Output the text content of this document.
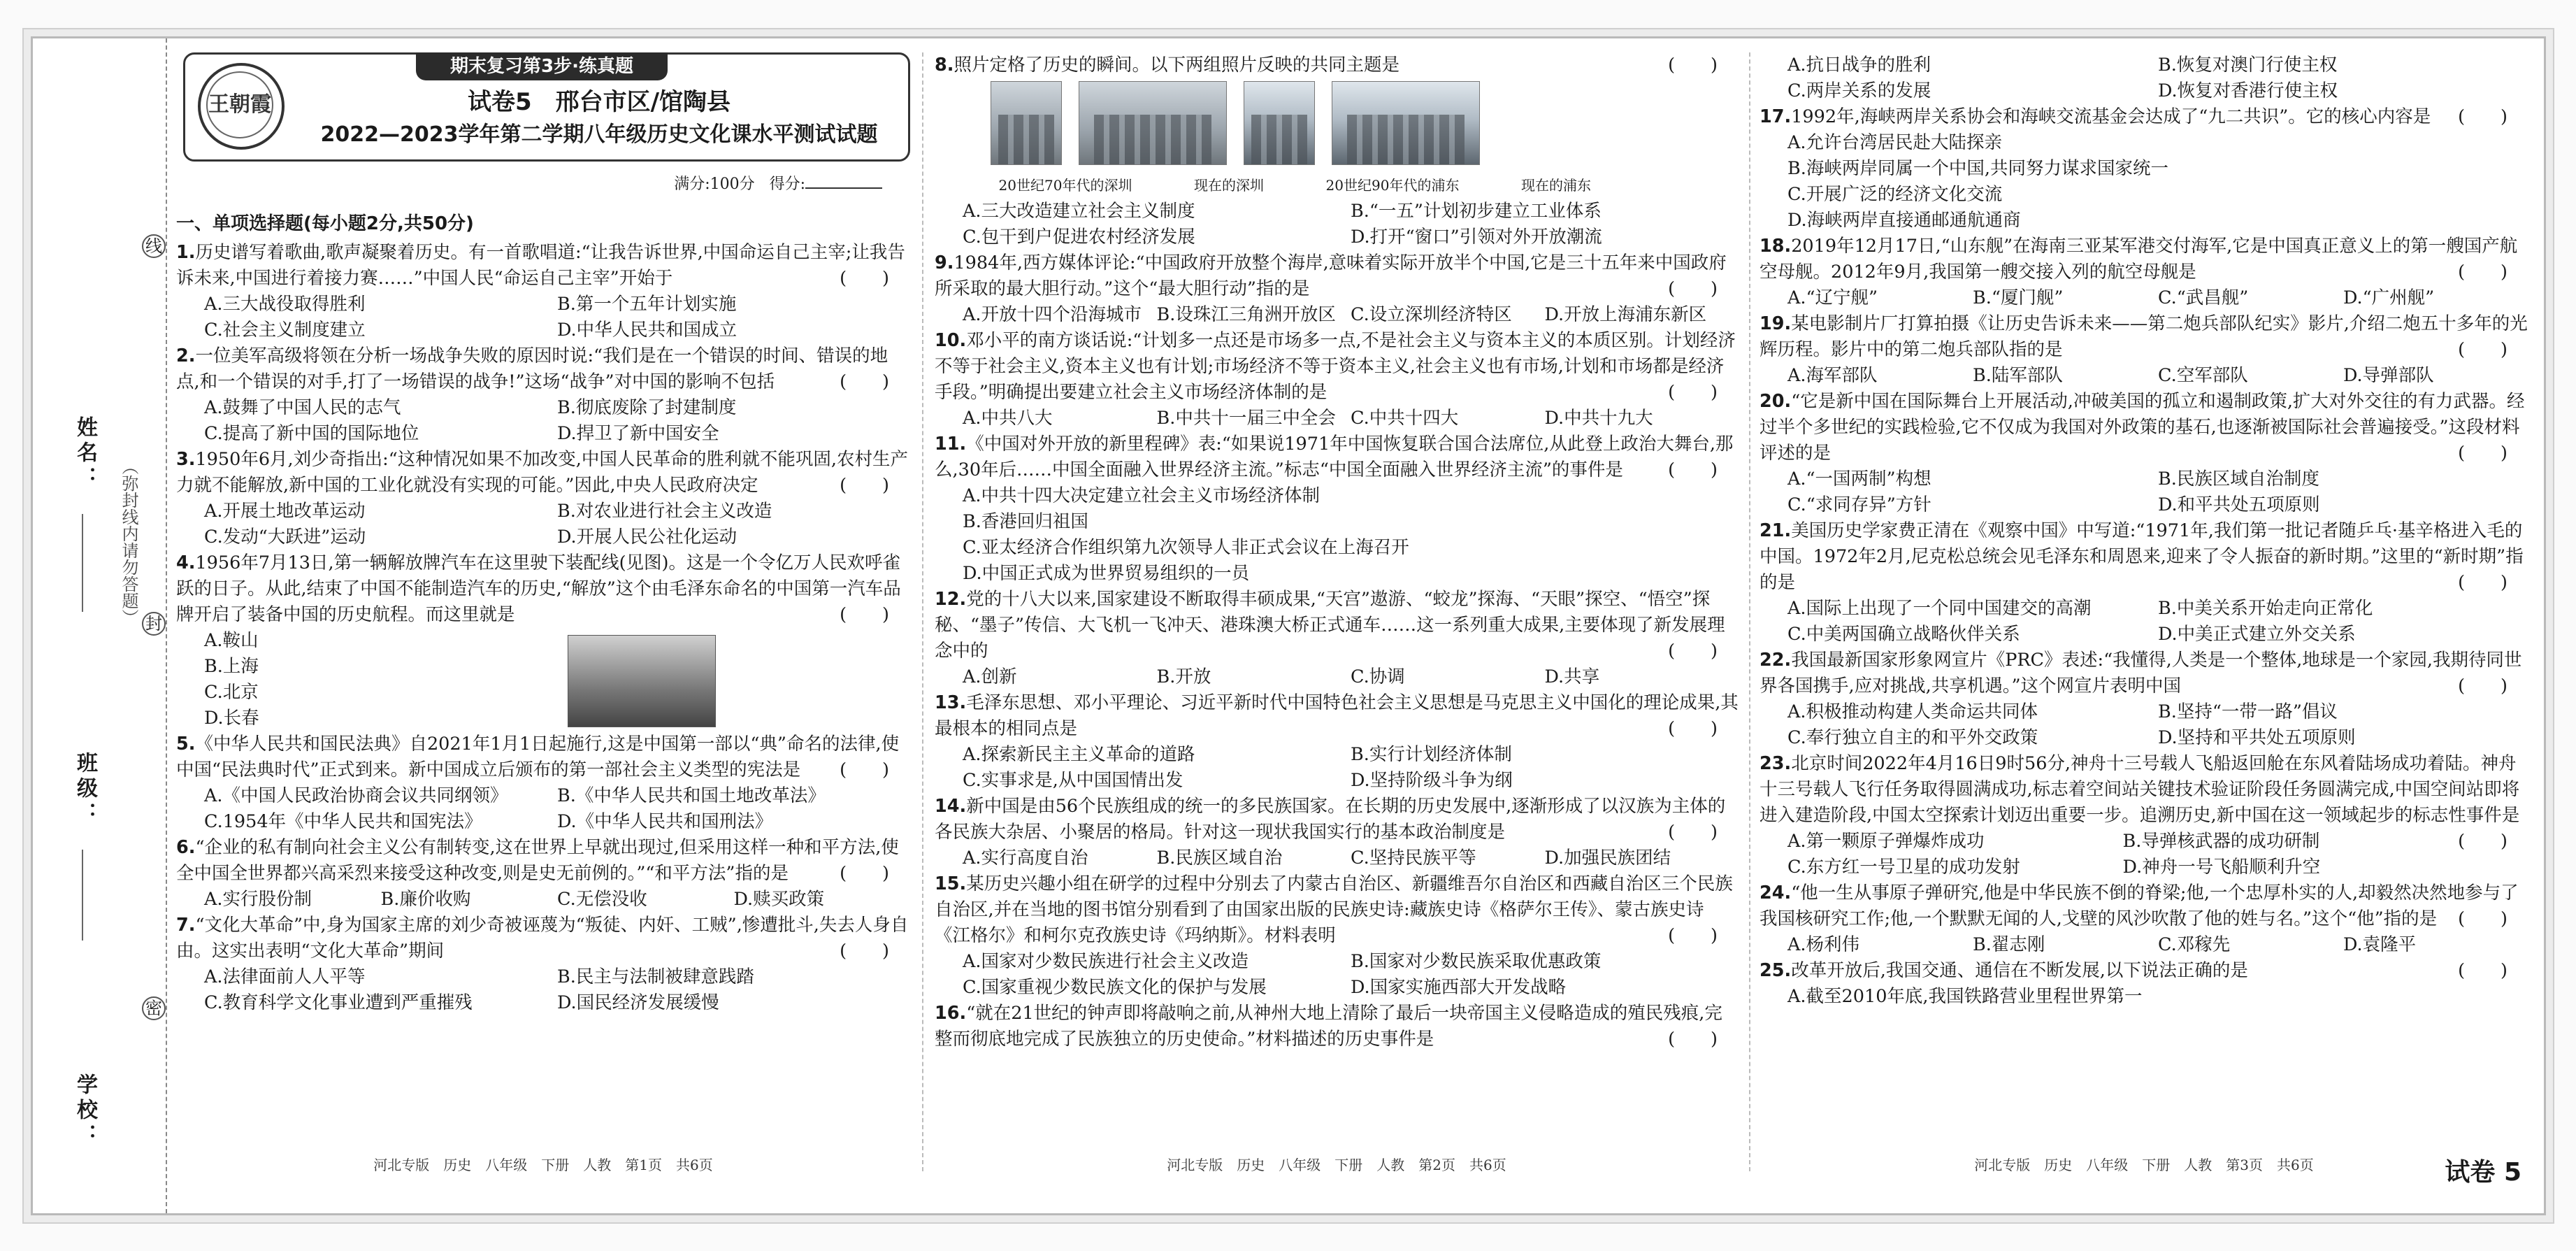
姓名：
班级：
学校：
（弥封线内请勿答题）
线
封
密
期末复习第3步·练真题
王朝霞	试卷5　邢台市区/馆陶县
2022—2023学年第二学期八年级历史文化课水平测试试题
满分:100分 得分:
一、单项选择题(每小题2分,共50分)
1.历史谱写着歌曲,歌声凝聚着历史。有一首歌唱道:“让我告诉世界,中国命运自己主宰;让我告诉未来,中国进行着接力赛……”中国人民“命运自己主宰”开始于	(　　)
A.三大战役取得胜利	B.第一个五年计划实施
C.社会主义制度建立	D.中华人民共和国成立
2.一位美军高级将领在分析一场战争失败的原因时说:“我们是在一个错误的时间、错误的地点,和一个错误的对手,打了一场错误的战争!”这场“战争”对中国的影响不包括	(　　)
A.鼓舞了中国人民的志气	B.彻底废除了封建制度
C.提高了新中国的国际地位	D.捍卫了新中国安全
3.1950年6月,刘少奇指出:“这种情况如果不加改变,中国人民革命的胜利就不能巩固,农村生产力就不能解放,新中国的工业化就没有实现的可能。”因此,中央人民政府决定	(　　)
A.开展土地改革运动	B.对农业进行社会主义改造
C.发动“大跃进”运动	D.开展人民公社化运动
4.1956年7月13日,第一辆解放牌汽车在这里驶下装配线(见图)。这是一个令亿万人民欢呼雀跃的日子。从此,结束了中国不能制造汽车的历史,“解放”这个由毛泽东命名的中国第一汽车品牌开启了装备中国的历史航程。而这里就是	(　　)
A.鞍山
B.上海
C.北京
D.长春
5.《中华人民共和国民法典》自2021年1月1日起施行,这是中国第一部以“典”命名的法律,使中国“民法典时代”正式到来。新中国成立后颁布的第一部社会主义类型的宪法是 (　　)
A.《中国人民政治协商会议共同纲领》	B.《中华人民共和国土地改革法》
C.1954年《中华人民共和国宪法》	D.《中华人民共和国刑法》
6.“企业的私有制向社会主义公有制转变,这在世界上早就出现过,但采用这样一种和平方法,使全中国全世界都兴高采烈来接受这种改变,则是史无前例的。”“和平方法”指的是	(　　)
A.实行股份制	B.廉价收购	C.无偿没收	D.赎买政策
7.“文化大革命”中,身为国家主席的刘少奇被诬蔑为“叛徒、内奸、工贼”,惨遭批斗,失去人身自由。这实出表明“文化大革命”期间	(　　)
A.法律面前人人平等	B.民主与法制被肆意践踏
C.教育科学文化事业遭到严重摧残	D.国民经济发展缓慢
河北专版　历史　八年级　下册　人教　第1页　共6页
8.照片定格了历史的瞬间。以下两组照片反映的共同主题是	(　　)
20世纪70年代的深圳	现在的深圳	20世纪90年代的浦东	现在的浦东
A.三大改造建立社会主义制度	B.“一五”计划初步建立工业体系
C.包干到户促进农村经济发展	D.打开“窗口”引领对外开放潮流
9.1984年,西方媒体评论:“中国政府开放整个海岸,意味着实际开放半个中国,它是三十五年来中国政府所采取的最大胆行动。”这个“最大胆行动”指的是	(　　)
A.开放十四个沿海城市 B.设珠江三角洲开放区 C.设立深圳经济特区	D.开放上海浦东新区
10.邓小平的南方谈话说:“计划多一点还是市场多一点,不是社会主义与资本主义的本质区别。计划经济不等于社会主义,资本主义也有计划;市场经济不等于资本主义,社会主义也有市场,计划和市场都是经济手段。”明确提出要建立社会主义市场经济体制的是	(　　)
A.中共八大	B.中共十一届三中全会 C.中共十四大	D.中共十九大
11.《中国对外开放的新里程碑》表:“如果说1971年中国恢复联合国合法席位,从此登上政治大舞台,那么,30年后……中国全面融入世界经济主流。”标志“中国全面融入世界经济主流”的事件是	(　　)
A.中共十四大决定建立社会主义市场经济体制
B.香港回归祖国
C.亚太经济合作组织第九次领导人非正式会议在上海召开
D.中国正式成为世界贸易组织的一员
12.党的十八大以来,国家建设不断取得丰硕成果,“天宫”遨游、“蛟龙”探海、“天眼”探空、“悟空”探秘、“墨子”传信、大飞机一飞冲天、港珠澳大桥正式通车……这一系列重大成果,主要体现了新发展理念中的	(　　)
A.创新	B.开放	C.协调	D.共享
13.毛泽东思想、邓小平理论、习近平新时代中国特色社会主义思想是马克思主义中国化的理论成果,其最根本的相同点是	(　　)
A.探索新民主主义革命的道路	B.实行计划经济体制
C.实事求是,从中国国情出发	D.坚持阶级斗争为纲
14.新中国是由56个民族组成的统一的多民族国家。在长期的历史发展中,逐渐形成了以汉族为主体的各民族大杂居、小聚居的格局。针对这一现状我国实行的基本政治制度是	(　　)
A.实行高度自治	B.民族区域自治	C.坚持民族平等	D.加强民族团结
15.某历史兴趣小组在研学的过程中分别去了内蒙古自治区、新疆维吾尔自治区和西藏自治区三个民族自治区,并在当地的图书馆分别看到了由国家出版的民族史诗:藏族史诗《格萨尔王传》、蒙古族史诗《江格尔》和柯尔克孜族史诗《玛纳斯》。材料表明	(　　)
A.国家对少数民族进行社会主义改造	B.国家对少数民族采取优惠政策
C.国家重视少数民族文化的保护与发展	D.国家实施西部大开发战略
16.“就在21世纪的钟声即将敲响之前,从神州大地上清除了最后一块帝国主义侵略造成的殖民残痕,完整而彻底地完成了民族独立的历史使命。”材料描述的历史事件是	(　　)
河北专版　历史　八年级　下册　人教　第2页　共6页
A.抗日战争的胜利	B.恢复对澳门行使主权
C.两岸关系的发展	D.恢复对香港行使主权
17.1992年,海峡两岸关系协会和海峡交流基金会达成了“九二共识”。它的核心内容是 (　　)
A.允许台湾居民赴大陆探亲
B.海峡两岸同属一个中国,共同努力谋求国家统一
C.开展广泛的经济文化交流
D.海峡两岸直接通邮通航通商
18.2019年12月17日,“山东舰”在海南三亚某军港交付海军,它是中国真正意义上的第一艘国产航空母舰。2012年9月,我国第一艘交接入列的航空母舰是	(　　)
A.“辽宁舰”	B.“厦门舰”	C.“武昌舰”	D.“广州舰”
19.某电影制片厂打算拍摄《让历史告诉未来——第二炮兵部队纪实》影片,介绍二炮五十多年的光辉历程。影片中的第二炮兵部队指的是	(　　)
A.海军部队	B.陆军部队	C.空军部队	D.导弹部队
20.“它是新中国在国际舞台上开展活动,冲破美国的孤立和遏制政策,扩大对外交往的有力武器。经过半个多世纪的实践检验,它不仅成为我国对外政策的基石,也逐渐被国际社会普遍接受。”这段材料评述的是	(　　)
A.“一国两制”构想	B.民族区域自治制度
C.“求同存异”方针	D.和平共处五项原则
21.美国历史学家费正清在《观察中国》中写道:“1971年,我们第一批记者随乒乓·基辛格进入毛的中国。1972年2月,尼克松总统会见毛泽东和周恩来,迎来了令人振奋的新时期。”这里的“新时期”指的是	(　　)
A.国际上出现了一个同中国建交的高潮	B.中美关系开始走向正常化
C.中美两国确立战略伙伴关系	D.中美正式建立外交关系
22.我国最新国家形象网宣片《PRC》表述:“我懂得,人类是一个整体,地球是一个家园,我期待同世界各国携手,应对挑战,共享机遇。”这个网宣片表明中国	(　　)
A.积极推动构建人类命运共同体	B.坚持“一带一路”倡议
C.奉行独立自主的和平外交政策	D.坚持和平共处五项原则
23.北京时间2022年4月16日9时56分,神舟十三号载人飞船返回舱在东风着陆场成功着陆。神舟十三号载人飞行任务取得圆满成功,标志着空间站关键技术验证阶段任务圆满完成,中国空间站即将进入建造阶段,中国太空探索计划迈出重要一步。追溯历史,新中国在这一领域起步的标志性事件是
(　　)
A.第一颗原子弹爆炸成功	B.导弹核武器的成功研制
C.东方红一号卫星的成功发射	D.神舟一号飞船顺利升空
24.“他一生从事原子弹研究,他是中华民族不倒的脊梁;他,一个忠厚朴实的人,却毅然决然地参与了我国核研究工作;他,一个默默无闻的人,戈壁的风沙吹散了他的姓与名。”这个“他”指的是 (　　)
A.杨利伟	B.翟志刚	C.邓稼先	D.袁隆平
25.改革开放后,我国交通、通信在不断发展,以下说法正确的是	(　　)
A.截至2010年底,我国铁路营业里程世界第一
河北专版　历史　八年级　下册　人教　第3页　共6页	试卷 5
